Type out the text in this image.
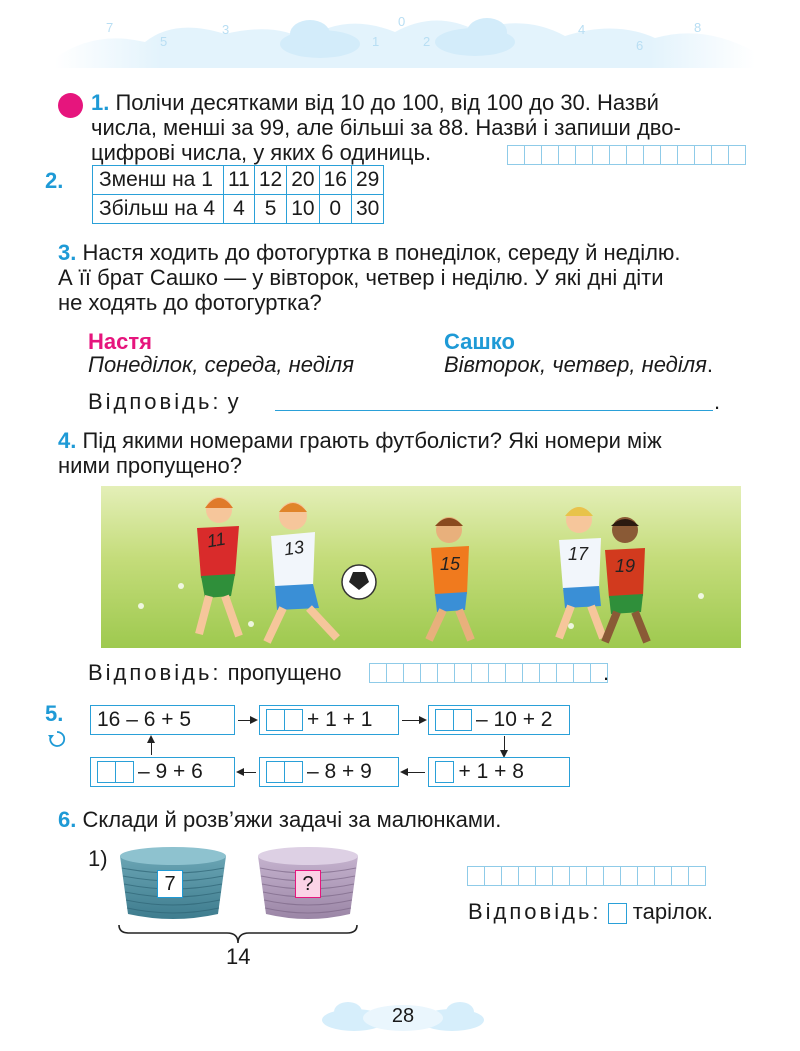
7
5
3
1
0
2
4
6
8
1. Полічи десятками від 10 до 100, від 100 до 30. Назви́
числа, менші за 99, але більші за 88. Назви́ і запиши дво-
цифрові числа, у яких 6 одиниць.
2. Зменш на 1	11	12	20	16	29
Збільш на 4	4	5	10	0	30
3. Настя ходить до фотогуртка в понеділок, середу й неділю.
А її брат Сашко — у вівторок, четвер і неділю. У які дні діти
не ходять до фотогуртка?
Настя
Понеділок, середа, неділя
Сашко
Вівторок, четвер, неділя.
Відповідь: у	.
4. Під якими номерами грають футболісти? Які номери між
ними пропущено?
11	13
15	17
19
Відповідь: пропущено	.
5. 16 – 6 + 5	+ 1 + 1	– 10 + 2
+ 1 + 8
– 8 + 9
– 9 + 6
6. Склади й розв’яжи задачі за малюнками.
1)
7	?
14
Відповідь: тарілок.
28
